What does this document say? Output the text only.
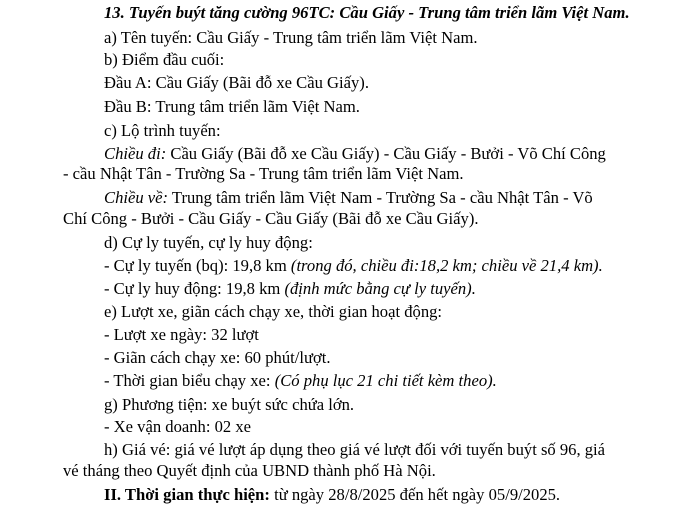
13. Tuyến buýt tăng cường 96TC: Cầu Giấy - Trung tâm triển lãm Việt Nam.
a) Tên tuyến: Cầu Giấy - Trung tâm triển lãm Việt Nam.
b) Điểm đầu cuối:
Đầu A: Cầu Giấy (Bãi đỗ xe Cầu Giấy).
Đầu B: Trung tâm triển lãm Việt Nam.
c) Lộ trình tuyến:
Chiều đi: Cầu Giấy (Bãi đỗ xe Cầu Giấy) - Cầu Giấy - Bưởi - Võ Chí Công
- cầu Nhật Tân - Trường Sa - Trung tâm triển lãm Việt Nam.
Chiều về: Trung tâm triển lãm Việt Nam - Trường Sa - cầu Nhật Tân - Võ
Chí Công - Bưởi - Cầu Giấy - Cầu Giấy (Bãi đỗ xe Cầu Giấy).
d) Cự ly tuyến, cự ly huy động:
- Cự ly tuyến (bq): 19,8 km (trong đó, chiều đi:18,2 km; chiều về 21,4 km).
- Cự ly huy động: 19,8 km (định mức bằng cự ly tuyến).
e) Lượt xe, giãn cách chạy xe, thời gian hoạt động:
- Lượt xe ngày: 32 lượt
- Giãn cách chạy xe: 60 phút/lượt.
- Thời gian biểu chạy xe: (Có phụ lục 21 chi tiết kèm theo).
g) Phương tiện: xe buýt sức chứa lớn.
- Xe vận doanh: 02 xe
h) Giá vé: giá vé lượt áp dụng theo giá vé lượt đối với tuyến buýt số 96, giá
vé tháng theo Quyết định của UBND thành phố Hà Nội.
II. Thời gian thực hiện: từ ngày 28/8/2025 đến hết ngày 05/9/2025.
